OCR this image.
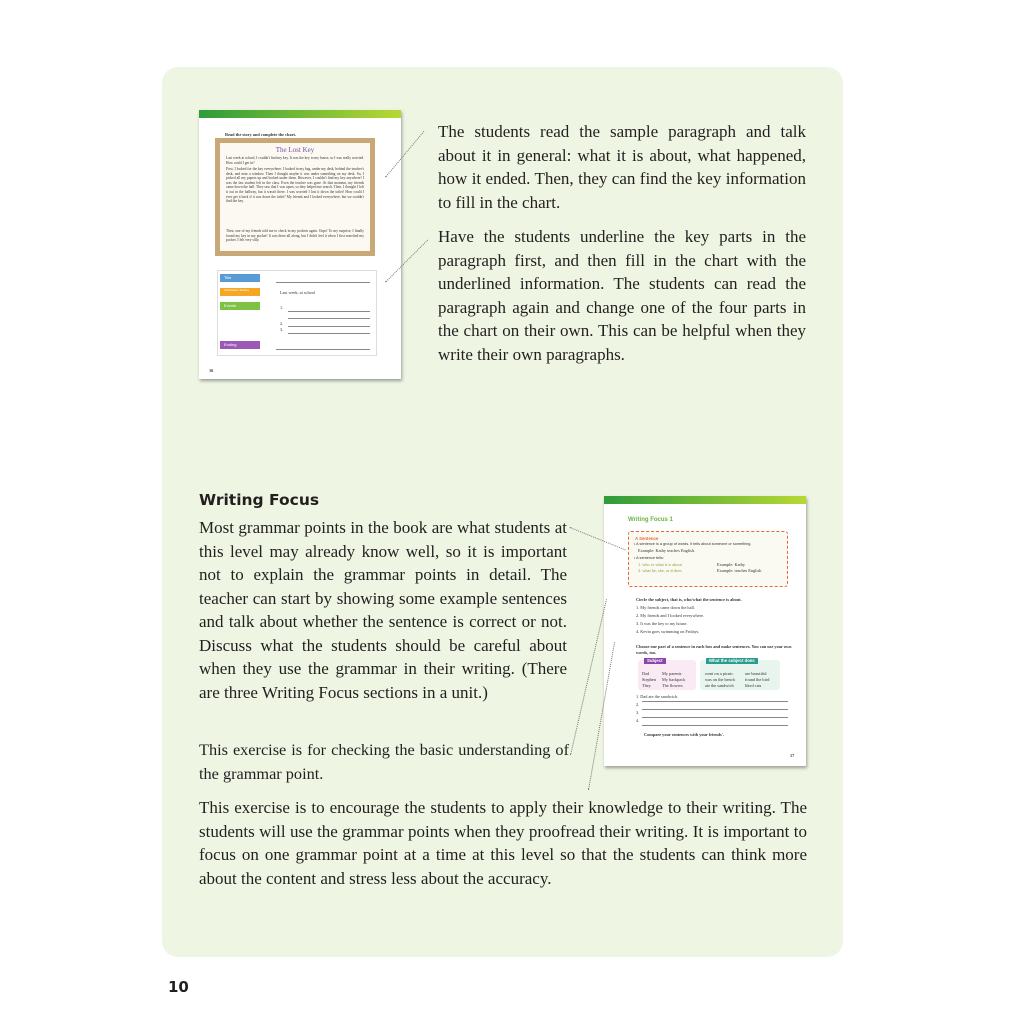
Read the story and complete the chart.
The Lost Key
Last week at school, I couldn't find my key. It was the key to my house, so I was really worried. How could I get in?
First, I looked for the key everywhere. I looked in my bag, under my desk, behind the teacher's desk, and near a window. Then I thought maybe it was under something on my desk. So, I picked all my papers up and looked under them. However, I couldn't find my key anywhere! I was the last student left in the class. Even the teacher was gone. At that moment, my friends came down the hall. They saw that I was upset, so they helped me search. Then, I thought I left it out in the hallway, but it wasn't there. I was worried I lost it down the toilet! How could I ever get it back if it was down the toilet? My friends and I looked everywhere, but we couldn't find the key.
Then, one of my friends told me to check in my pockets again. Oops! To my surprise, I finally found my key in my pocket! It was there all along, but I didn't feel it when I first searched my pocket. I felt very silly.
Title
Orientation Setting	Last week, at school
Events	1.
2.
3.
Ending
16
The students read the sample paragraph and talk about it in general: what it is about, what happened, how it ended. Then, they can find the key information to fill in the chart.
Have the students underline the key parts in the paragraph first, and then fill in the chart with the underlined information. The students can read the paragraph again and change one of the four parts in the chart on their own. This can be helpful when they write their own paragraphs.
Writing Focus
Most grammar points in the book are what students at this level may already know well, so it is important not to explain the grammar points in detail. The teacher can start by showing some example sentences and talk about whether the sentence is correct or not. Discuss what the students should be careful about when they use the grammar in their writing. (There are three Writing Focus sections in a unit.)
This exercise is for checking the basic understanding of the grammar point.
This exercise is to encourage the students to apply their knowledge to their writing. The students will use the grammar points when they proofread their writing. It is important to focus on one grammar point at a time at this level so that the students can think more about the content and stress less about the accuracy.
Writing Focus 1
A Sentence
• A sentence is a group of words. It tells about someone or something.
Example: Kathy teaches English.
• A sentence tells:
1. who or what it is about
2. what he, she, or it does
Example: Kathy
Example: teaches English
Circle the subject, that is, who/what the sentence is about.
1. My friends came down the hall.
2. My friends and I looked everywhere.
3. It was the key to my house.
4. Kevin goes swimming on Fridays.
Choose one part of a sentence in each box and make sentences. You can use your own words, too.
Subject
Dad
Stephen
They
My parents
My backpack
The flowers
What the subject does
went on a picnic
was on the bench
ate the sandwich
are beautiful
found the bird
liked cats
1. Dad ate the sandwich.
2.
3.
4.
Compare your sentences with your friends'.
17
10
